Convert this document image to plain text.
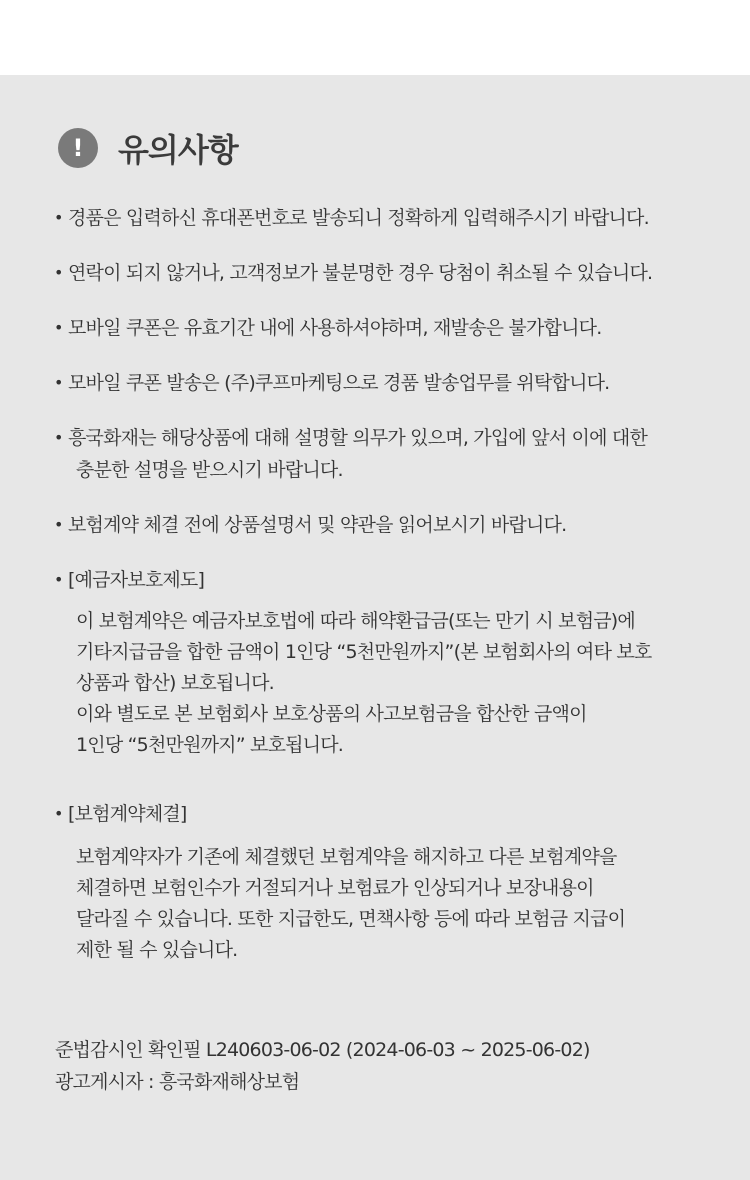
! 유의사항
• 경품은 입력하신 휴대폰번호로 발송되니 정확하게 입력해주시기 바랍니다.
• 연락이 되지 않거나, 고객정보가 불분명한 경우 당첨이 취소될 수 있습니다.
• 모바일 쿠폰은 유효기간 내에 사용하셔야하며, 재발송은 불가합니다.
• 모바일 쿠폰 발송은 (주)쿠프마케팅으로 경품 발송업무를 위탁합니다.
• 흥국화재는 해당상품에 대해 설명할 의무가 있으며, 가입에 앞서 이에 대한
충분한 설명을 받으시기 바랍니다.
• 보험계약 체결 전에 상품설명서 및 약관을 읽어보시기 바랍니다.
• [예금자보호제도]
• [보험계약체결]
이 보험계약은 예금자보호법에 따라 해약환급금(또는 만기 시 보험금)에
기타지급금을 합한 금액이 1인당 “5천만원까지”(본 보험회사의 여타 보호
상품과 합산) 보호됩니다.
이와 별도로 본 보험회사 보호상품의 사고보험금을 합산한 금액이
1인당 “5천만원까지” 보호됩니다.
보험계약자가 기존에 체결했던 보험계약을 해지하고 다른 보험계약을
체결하면 보험인수가 거절되거나 보험료가 인상되거나 보장내용이
달라질 수 있습니다. 또한 지급한도, 면책사항 등에 따라 보험금 지급이
제한 될 수 있습니다.
준법감시인 확인필 L240603-06-02 (2024-06-03 ~ 2025-06-02)
광고게시자 : 흥국화재해상보험
